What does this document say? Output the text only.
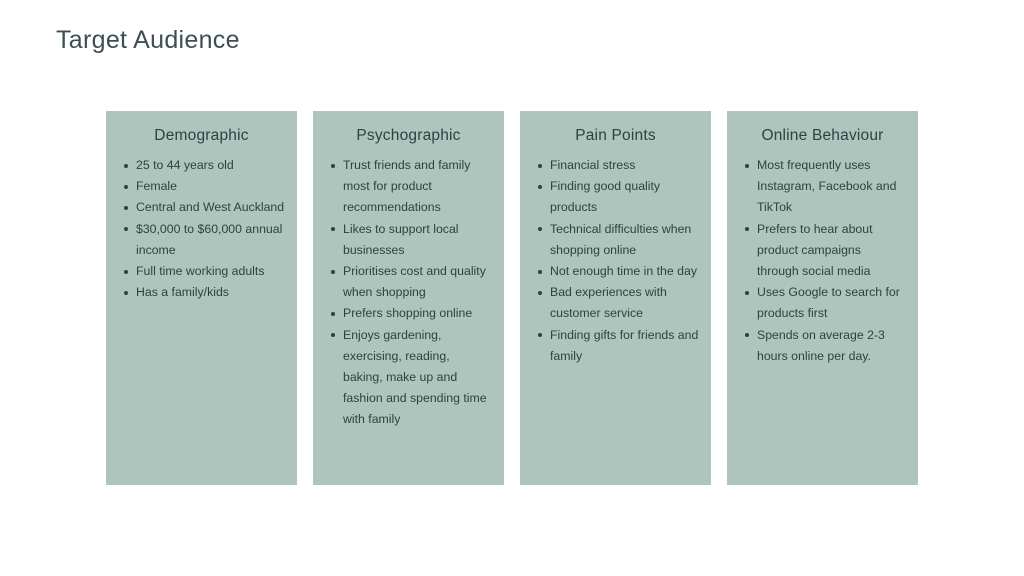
Target Audience
Demographic
25 to 44 years old
Female
Central and West Auckland
$30,000 to $60,000 annual income
Full time working adults
Has a family/kids
Psychographic
Trust friends and family most for product recommendations
Likes to support local businesses
Prioritises cost and quality when shopping
Prefers shopping online
Enjoys gardening, exercising, reading, baking, make up and fashion and spending time with family
Pain Points
Financial stress
Finding good quality products
Technical difficulties when shopping online
Not enough time in the day
Bad experiences with customer service
Finding gifts for friends and family
Online Behaviour
Most frequently uses Instagram, Facebook and TikTok
Prefers to hear about product campaigns through social media
Uses Google to search for products first
Spends on average 2-3 hours online per day.
